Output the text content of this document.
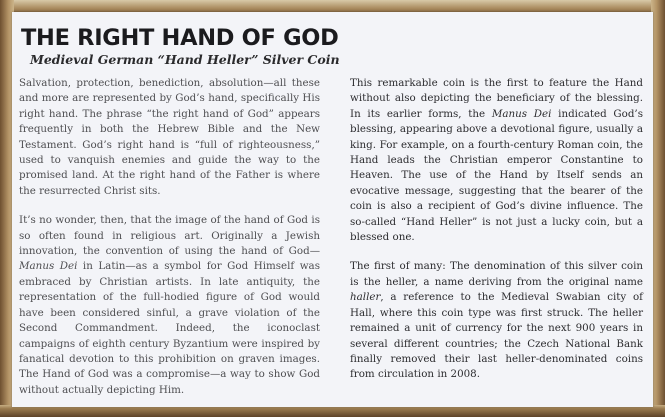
THE RIGHT HAND OF GOD
Medieval German “Hand Heller” Silver Coin

Salvation, protection, benediction, absolution—all these and more are represented by God’s hand, specifically His right hand. The phrase “the right hand of God” appears frequently in both the Hebrew Bible and the New Testament. God’s right hand is “full of righteousness,” used to vanquish enemies and guide the way to the promised land. At the right hand of the Father is where the resurrected Christ sits.

It’s no wonder, then, that the image of the hand of God is so often found in religious art. Originally a Jewish innovation, the convention of using the hand of God—Manus Dei in Latin—as a symbol for God Himself was embraced by Christian artists. In late antiquity, the representation of the full-hodied figure of God would have been considered sinful, a grave violation of the Second Commandment. Indeed, the iconoclast campaigns of eighth century Byzantium were inspired by fanatical devotion to this prohibition on graven images. The Hand of God was a compromise—a way to show God without actually depicting Him.

This remarkable coin is the first to feature the Hand without also depicting the beneficiary of the blessing. In its earlier forms, the Manus Dei indicated God’s blessing, appearing above a devotional figure, usually a king. For example, on a fourth-century Roman coin, the Hand leads the Christian emperor Constantine to Heaven. The use of the Hand by Itself sends an evocative message, suggesting that the bearer of the coin is also a recipient of God’s divine influence. The so-called “Hand Heller” is not just a lucky coin, but a blessed one.

The first of many: The denomination of this silver coin is the heller, a name deriving from the original name haller, a reference to the Medieval Swabian city of Hall, where this coin type was first struck. The heller remained a unit of currency for the next 900 years in several different countries; the Czech National Bank finally removed their last heller-denominated coins from circulation in 2008.
